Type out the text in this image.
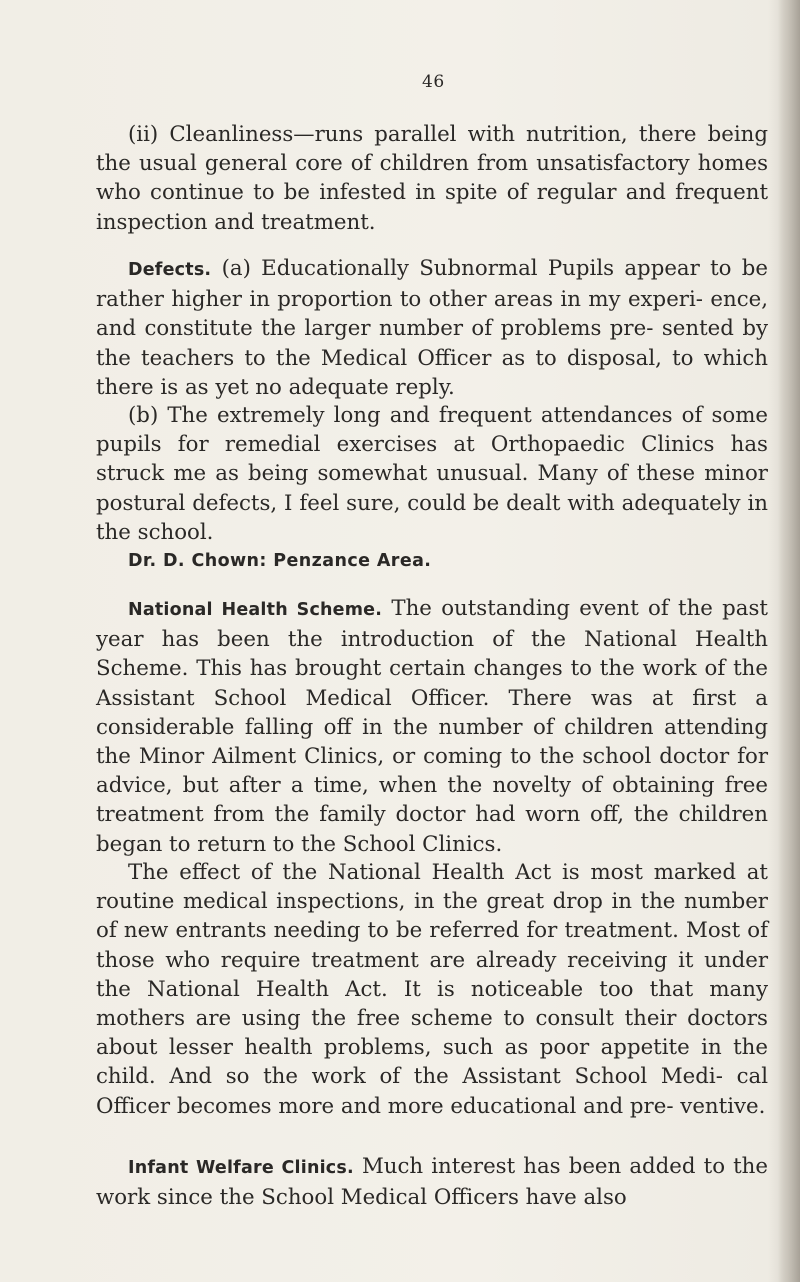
46

(ii) Cleanliness—runs parallel with nutrition, there being the usual general core of children from unsatisfactory homes who continue to be infested in spite of regular and frequent inspection and treatment.

Defects. (a) Educationally Subnormal Pupils appear to be rather higher in proportion to other areas in my experi- ence, and constitute the larger number of problems pre- sented by the teachers to the Medical Officer as to disposal, to which there is as yet no adequate reply.

(b) The extremely long and frequent attendances of some pupils for remedial exercises at Orthopaedic Clinics has struck me as being somewhat unusual. Many of these minor postural defects, I feel sure, could be dealt with adequately in the school.

Dr. D. Chown: Penzance Area.

National Health Scheme. The outstanding event of the past year has been the introduction of the National Health Scheme. This has brought certain changes to the work of the Assistant School Medical Officer. There was at first a considerable falling off in the number of children attending the Minor Ailment Clinics, or coming to the school doctor for advice, but after a time, when the novelty of obtaining free treatment from the family doctor had worn off, the children began to return to the School Clinics.

The effect of the National Health Act is most marked at routine medical inspections, in the great drop in the number of new entrants needing to be referred for treatment. Most of those who require treatment are already receiving it under the National Health Act. It is noticeable too that many mothers are using the free scheme to consult their doctors about lesser health problems, such as poor appetite in the child. And so the work of the Assistant School Medi- cal Officer becomes more and more educational and pre- ventive.

Infant Welfare Clinics. Much interest has been added to the work since the School Medical Officers have also
